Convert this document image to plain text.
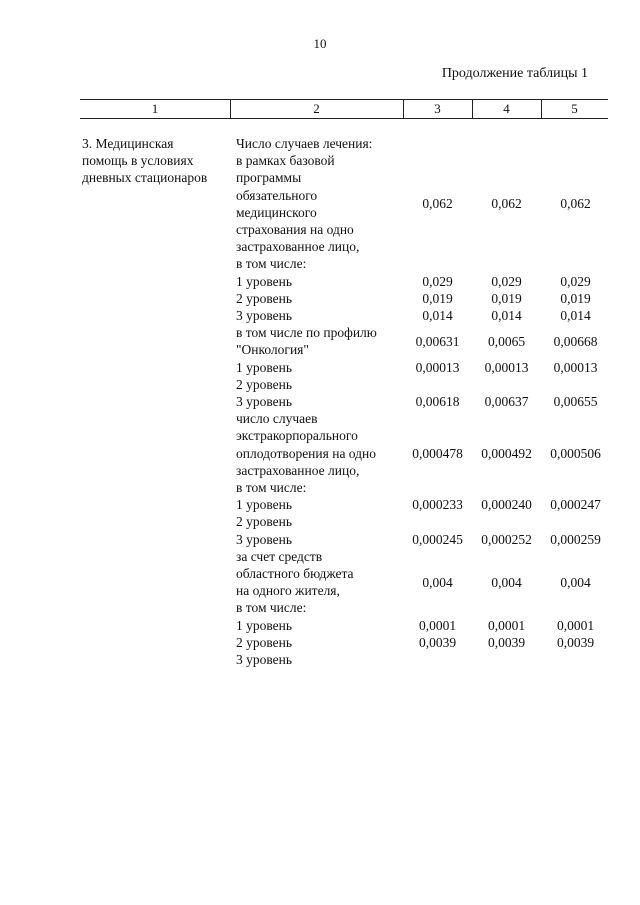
10
Продолжение таблицы 1
1	2	3	4	5
3. Медицинская
помощь в условиях
дневных стационаров
Число случаев лечения:
в рамках базовой
программы
обязательного
медицинского
страхования на одно
застрахованное лицо,
в том числе:
0,062	0,062	0,062
1 уровень	0,029	0,029	0,029
2 уровень	0,019	0,019	0,019
3 уровень	0,014	0,014	0,014
в том числе по профилю
"Онкология"
0,00631	0,0065	0,00668
1 уровень	0,00013	0,00013	0,00013
2 уровень
3 уровень	0,00618	0,00637	0,00655
число случаев
экстракорпорального
оплодотворения на одно
застрахованное лицо,
в том числе:
0,000478	0,000492	0,000506
1 уровень	0,000233	0,000240	0,000247
2 уровень
3 уровень	0,000245	0,000252	0,000259
за счет средств
областного бюджета
на одного жителя,
в том числе:
0,004	0,004	0,004
1 уровень	0,0001	0,0001	0,0001
2 уровень	0,0039	0,0039	0,0039
3 уровень
